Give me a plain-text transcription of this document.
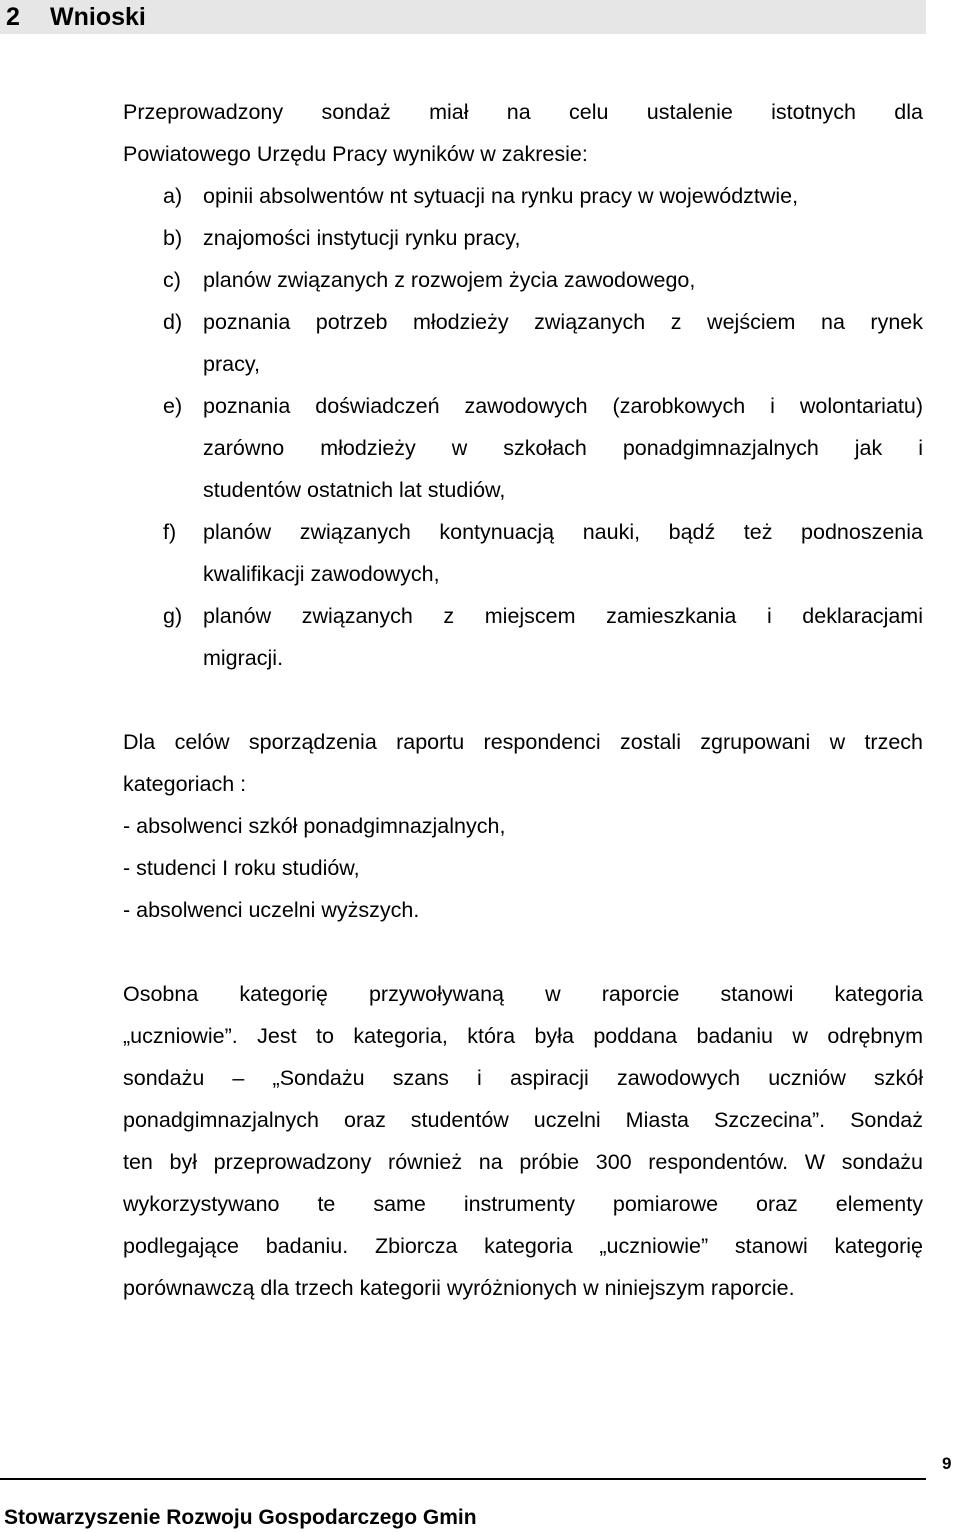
2 Wnioski
Przeprowadzony sondaż miał na celu ustalenie istotnych dla
Powiatowego Urzędu Pracy wyników w zakresie:
a) opinii absolwentów nt sytuacji na rynku pracy w województwie,
b) znajomości instytucji rynku pracy,
c)	planów związanych z rozwojem życia zawodowego,
d) poznania potrzeb młodzieży związanych z wejściem na rynek
pracy,
e) poznania doświadczeń zawodowych (zarobkowych i wolontariatu)
zarówno młodzieży w szkołach ponadgimnazjalnych jak i
studentów ostatnich lat studiów,
f)	planów związanych kontynuacją nauki, bądź też podnoszenia
kwalifikacji zawodowych,
g) planów związanych z miejscem zamieszkania i deklaracjami
migracji.
Dla celów sporządzenia raportu respondenci zostali zgrupowani w trzech
kategoriach :
- absolwenci szkół ponadgimnazjalnych,
- studenci I roku studiów,
- absolwenci uczelni wyższych.
Osobna kategorię przywoływaną w raporcie stanowi kategoria
„uczniowie”. Jest to kategoria, która była poddana badaniu w odrębnym
sondażu – „Sondażu szans i aspiracji zawodowych uczniów szkół
ponadgimnazjalnych oraz studentów uczelni Miasta Szczecina”. Sondaż
ten był przeprowadzony również na próbie 300 respondentów. W sondażu
wykorzystywano te same instrumenty pomiarowe oraz elementy
podlegające badaniu. Zbiorcza kategoria „uczniowie” stanowi kategorię
porównawczą dla trzech kategorii wyróżnionych w niniejszym raporcie.
9
Stowarzyszenie Rozwoju Gospodarczego Gmin
